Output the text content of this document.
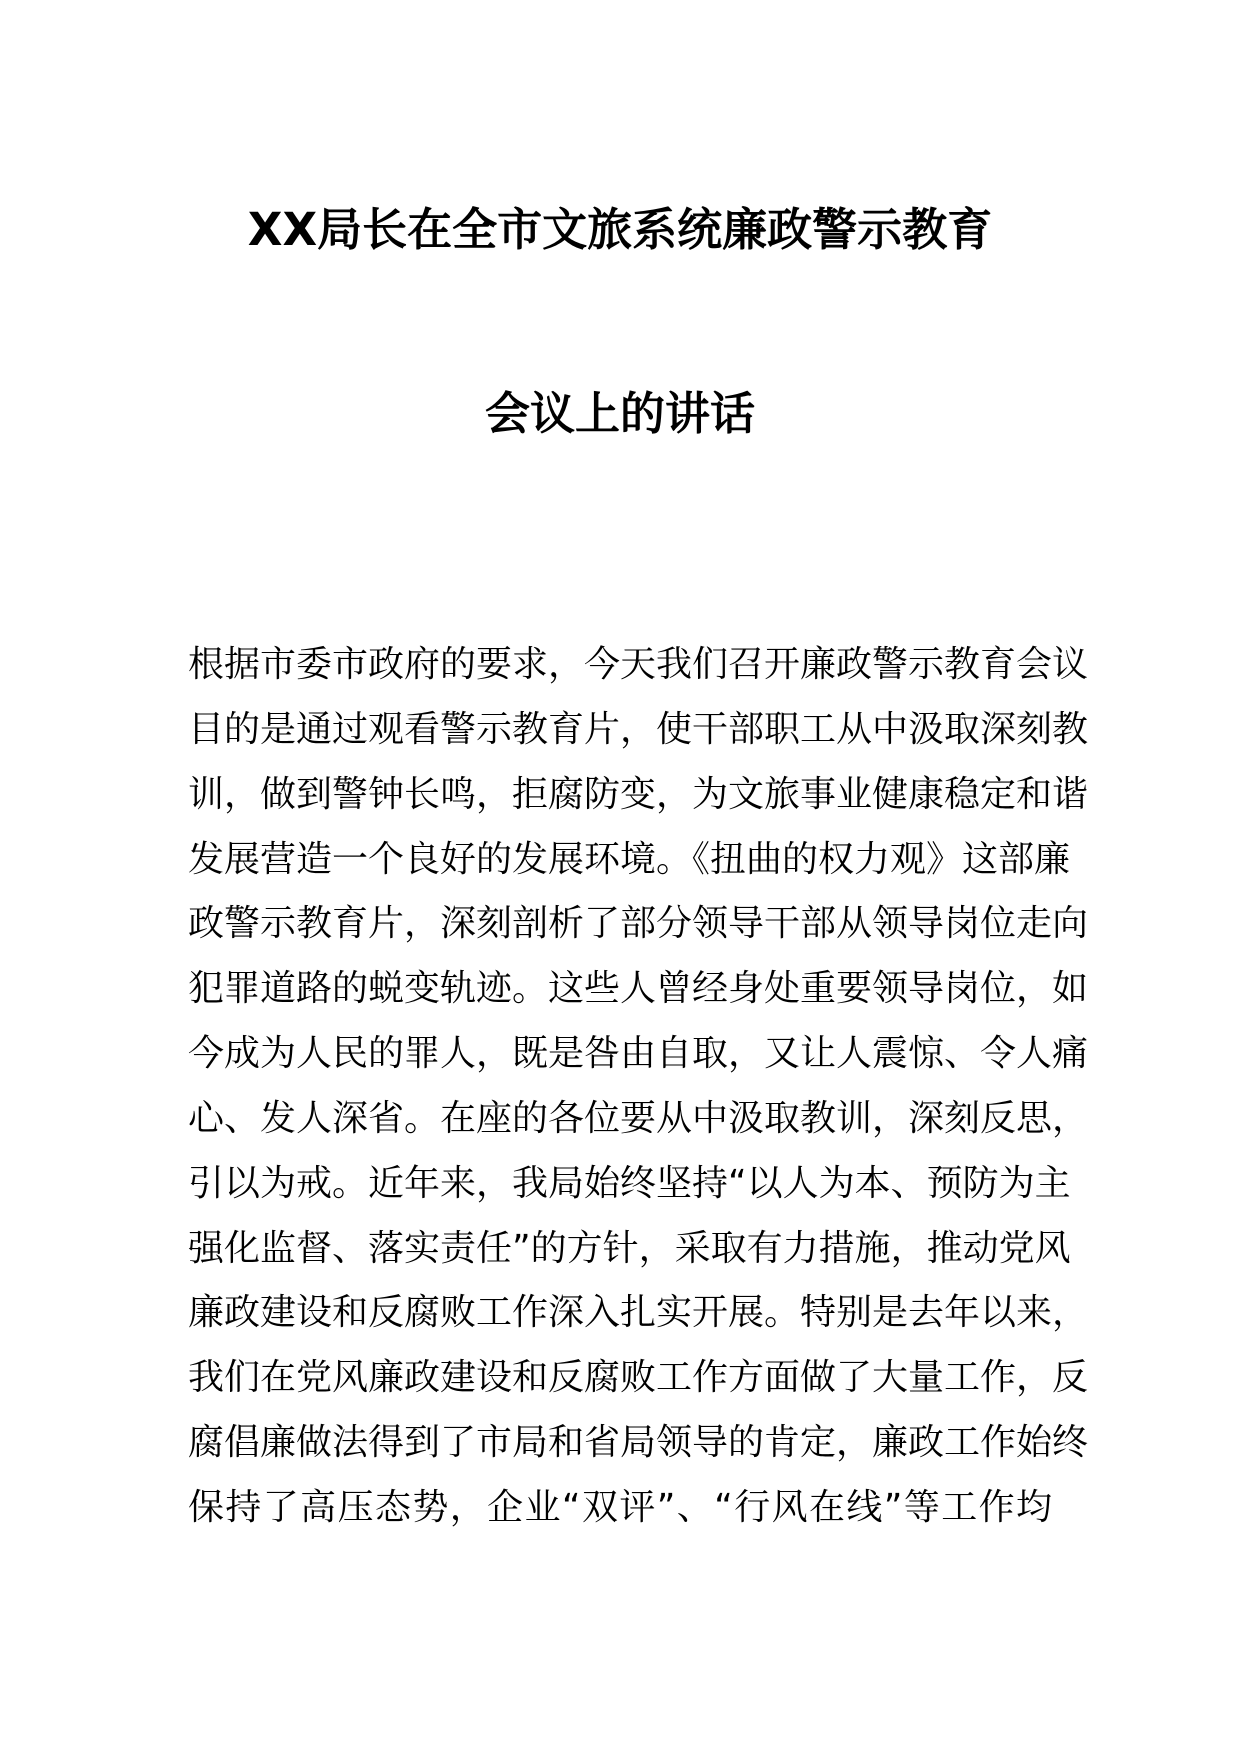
XX局长在全市文旅系统廉政警示教育
会议上的讲话
根据市委市政府的要求，今天我们召开廉政警示教育会议
目的是通过观看警示教育片，使干部职工从中汲取深刻教
训，做到警钟长鸣，拒腐防变，为文旅事业健康稳定和谐
发展营造一个良好的发展环境。《扭曲的权力观》这部廉
政警示教育片，深刻剖析了部分领导干部从领导岗位走向
犯罪道路的蜕变轨迹。这些人曾经身处重要领导岗位，如
今成为人民的罪人，既是咎由自取，又让人震惊、令人痛
心、发人深省。在座的各位要从中汲取教训，深刻反思，
引以为戒。近年来，我局始终坚持“以人为本、预防为主
强化监督、落实责任”的方针，采取有力措施，推动党风
廉政建设和反腐败工作深入扎实开展。特别是去年以来，
我们在党风廉政建设和反腐败工作方面做了大量工作，反
腐倡廉做法得到了市局和省局领导的肯定，廉政工作始终
保持了高压态势，企业“双评”、“行风在线”等工作均
